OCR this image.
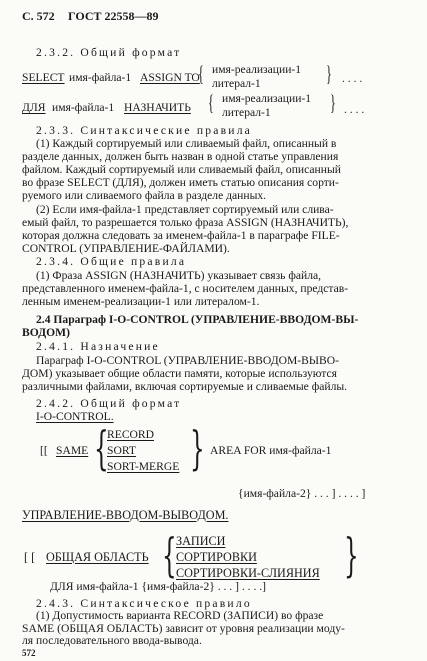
С. 572 ГОСТ 22558—89
2.3.2. Общий формат
SELECT имя-файла-1 ASSIGN TO
{ имя-реализации-1
литерал-1	} . . . .
ДЛЯ имя-файла-1 НАЗНАЧИТЬ { имя-реализации-1
литерал-1	} . . . .
2.3.3. Синтаксические правила
(1) Каждый сортируемый или сливаемый файл, описанный в
разделе данных, должен быть назван в одной статье управления
файлом. Каждый сортируемый или сливаемый файл, описанный
во фразе SELECT (ДЛЯ), должен иметь статью описания сорти-
руемого или сливаемого файла в разделе данных.
(2) Если имя-файла-1 представляет сортируемый или слива-
емый файл, то разрешается только фраза ASSIGN (НАЗНАЧИТЬ),
которая должна следовать за именем-файла-1 в параграфе FILE-
CONTROL (УПРАВЛЕНИЕ-ФАЙЛАМИ).
2.3.4. Общие правила
(1) Фраза ASSIGN (НАЗНАЧИТЬ) указывает связь файла,
представленного именем-файла-1, с носителем данных, представ-
ленным именем-реализации-1 или литералом-1.
2.4 Параграф I-O-CONTROL (УПРАВЛЕНИЕ-ВВОДОМ-ВЫ-
ВОДОМ)
2.4.1. Назначение
Параграф I-O-CONTROL (УПРАВЛЕНИЕ-ВВОДОМ-ВЫВО-
ДОМ) указывает общие области памяти, которые используются
различными файлами, включая сортируемые и сливаемые файлы.
2.4.2. Общий формат
I-O-CONTROL.
[[ SAME {
RECORD
SORT
SORT-MERGE } AREA FOR имя-файла-1
{имя-файла-2} . . . ] . . . . ]
УПРАВЛЕНИЕ-ВВОДОМ-ВЫВОДОМ.
[ [ ОБЩАЯ ОБЛАСТЬ { ЗАПИСИ
СОРТИРОВКИ
СОРТИРОВКИ-СЛИЯНИЯ }
ДЛЯ имя-файла-1 {имя-файла-2} . . . ] . . . .]
2.4.3. Синтаксическое правило
(1) Допустимость варианта RECORD (ЗАПИСИ) во фразе
SAME (ОБЩАЯ ОБЛАСТЬ) зависит от уровня реализации моду-
ля последовательного ввода-вывода.
572
